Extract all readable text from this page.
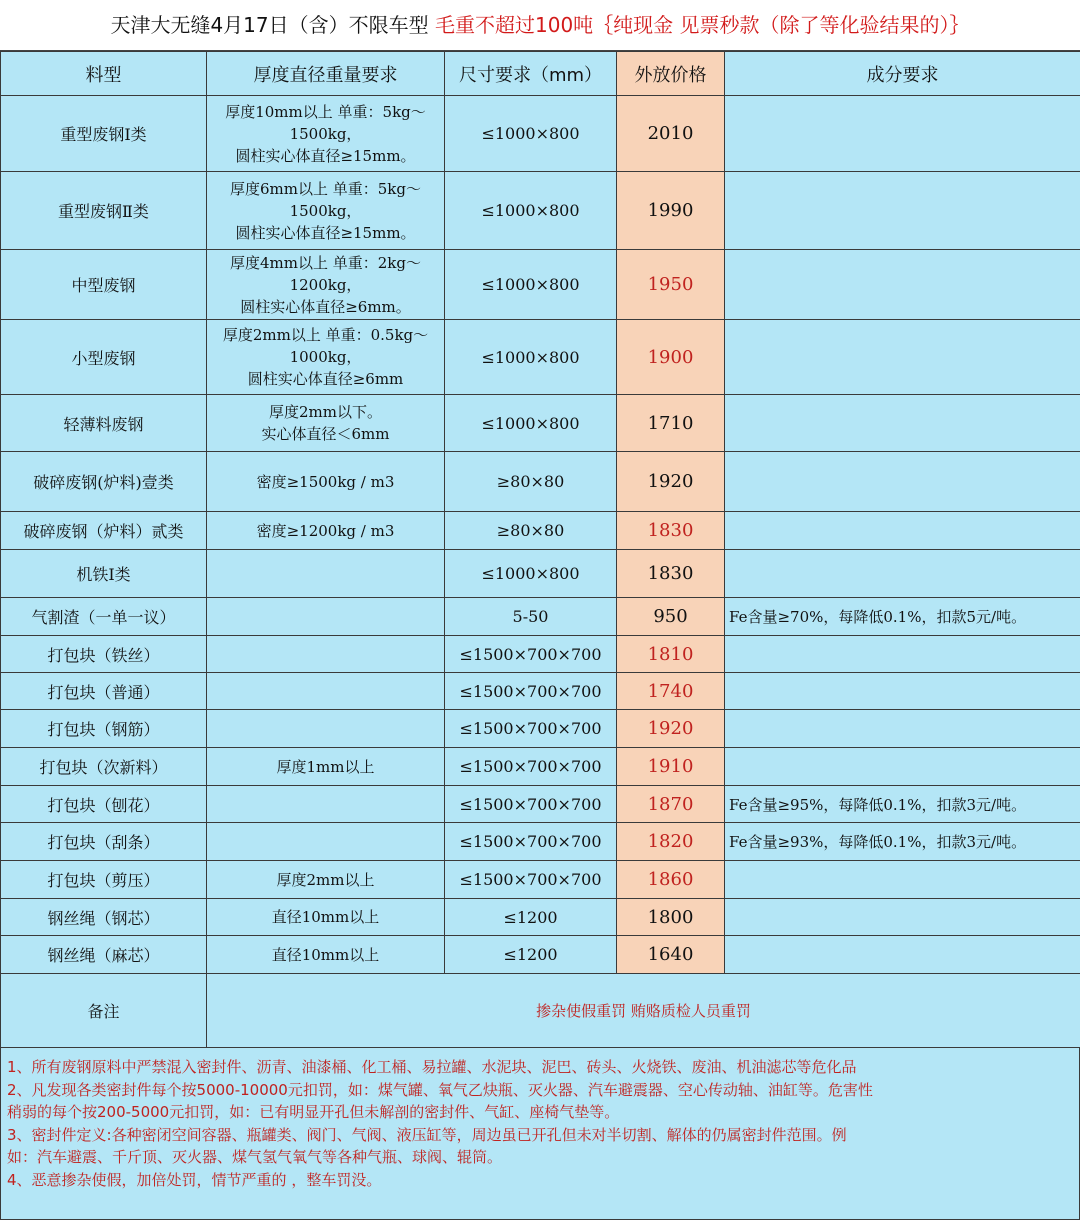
天津大无缝4月17日（含）不限车型 毛重不超过100吨｛纯现金 见票秒款（除了等化验结果的）｝
料型	厚度直径重量要求	尺寸要求（mm）	外放价格	成分要求
重型废钢Ⅰ类	厚度10mm以上 单重：5kg～1500kg，
圆柱实心体直径≥15mm。	≤1000×800	2010	
重型废钢Ⅱ类	厚度6mm以上 单重：5kg～1500kg，
圆柱实心体直径≥15mm。	≤1000×800	1990	
中型废钢	厚度4mm以上 单重：2kg～1200kg，
圆柱实心体直径≥6mm。	≤1000×800	1950	
小型废钢	厚度2mm以上 单重：0.5kg～1000kg，
圆柱实心体直径≥6mm	≤1000×800	1900	
轻薄料废钢	厚度2mm以下。
实心体直径＜6mm	≤1000×800	1710	
破碎废钢(炉料)壹类	密度≥1500kg / m3	≥80×80	1920	
破碎废钢（炉料）贰类	密度≥1200kg / m3	≥80×80	1830	
机铁I类		≤1000×800	1830	
气割渣（一单一议）		5-50	950	Fe含量≥70%，每降低0.1%，扣款5元/吨。
打包块（铁丝）		≤1500×700×700	1810	
打包块（普通）		≤1500×700×700	1740	
打包块（钢筋）		≤1500×700×700	1920	
打包块（次新料）	厚度1mm以上	≤1500×700×700	1910	
打包块（刨花）		≤1500×700×700	1870	Fe含量≥95%，每降低0.1%，扣款3元/吨。
打包块（刮条）		≤1500×700×700	1820	Fe含量≥93%，每降低0.1%，扣款3元/吨。
打包块（剪压）	厚度2mm以上	≤1500×700×700	1860	
钢丝绳（钢芯）	直径10mm以上	≤1200	1800	
钢丝绳（麻芯）	直径10mm以上	≤1200	1640	
备注	掺杂使假重罚 贿赂质检人员重罚			
1、所有废钢原料中严禁混入密封件、沥青、油漆桶、化工桶、易拉罐、水泥块、泥巴、砖头、火烧铁、废油、机油滤芯等危化品
2、凡发现各类密封件每个按5000-10000元扣罚，如：煤气罐、氧气乙炔瓶、灭火器、汽车避震器、空心传动轴、油缸等。危害性
稍弱的每个按200-5000元扣罚，如：已有明显开孔但未解剖的密封件、气缸、座椅气垫等。
3、密封件定义:各种密闭空间容器、瓶罐类、阀门、气阀、液压缸等，周边虽已开孔但未对半切割、解体的仍属密封件范围。例
如：汽车避震、千斤顶、灭火器、煤气氢气氧气等各种气瓶、球阀、辊筒。
4、恶意掺杂使假，加倍处罚，情节严重的 ，整车罚没。
